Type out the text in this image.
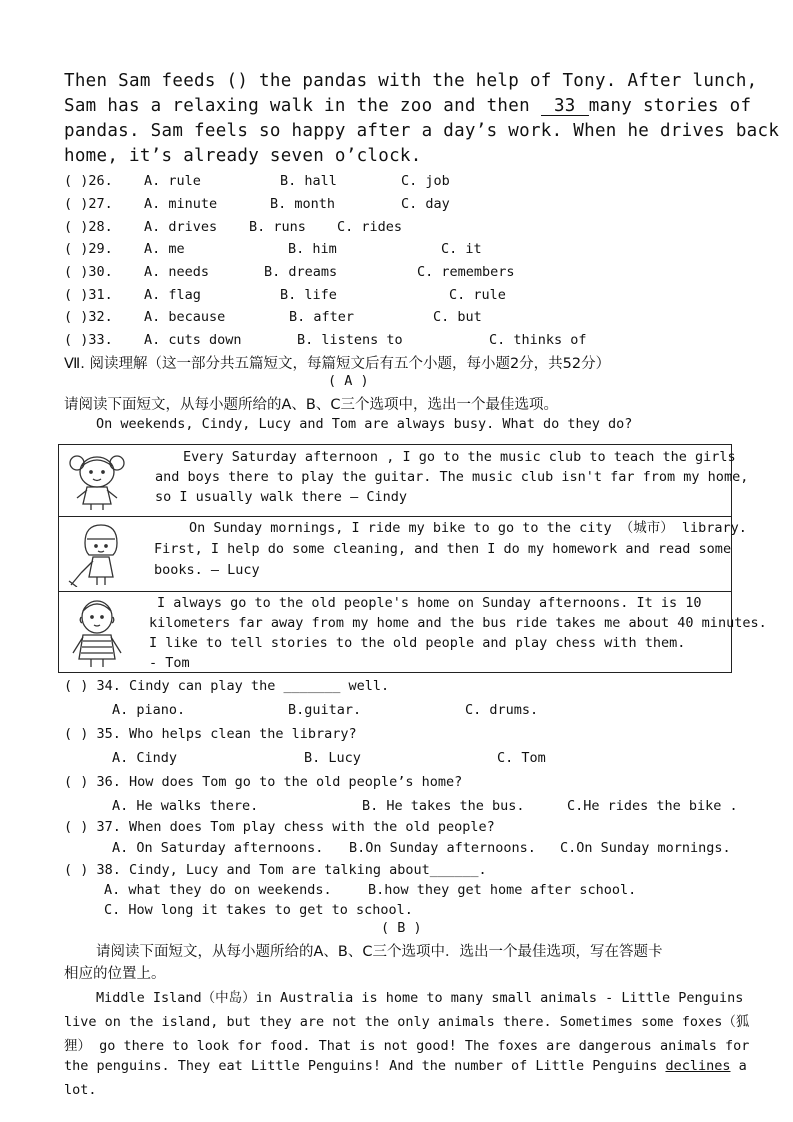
Then Sam feeds () the pandas with the help of Tony. After lunch,
Sam has a relaxing walk in the zoo and then 33 many stories of
pandas. Sam feels so happy after a day’s work. When he drives back
home, it’s already seven o’clock.
( )26. A. rule	B. hall	C. job
( )27. A. minute	B. month	C. day
( )28. A. drives B. runs C. rides
( )29. A. me	B. him	C. it
( )30. A. needs	B. dreams	C. remembers
( )31. A. flag	B. life	C. rule
( )32. A. because	B. after	C. but
( )33. A. cuts down	B. listens to	C. thinks of
Ⅶ. 阅读理解（这一部分共五篇短文，每篇短文后有五个小题，每小题2分，共52分）
( A )
请阅读下面短文，从每小题所给的A、B、C三个选项中，选出一个最佳选项。
On weekends, Cindy, Lucy and Tom are always busy. What do they do?
Every Saturday afternoon , I go to the music club to teach the girls
and boys there to play the guitar. The music club isn't far from my home,
so I usually walk there — Cindy
On Sunday mornings, I ride my bike to go to the city （城市） library.
First, I help do some cleaning, and then I do my homework and read some
books. — Lucy
I always go to the old people's home on Sunday afternoons. It is 10
kilometers far away from my home and the bus ride takes me about 40 minutes.
I like to tell stories to the old people and play chess with them.
- Tom
( ) 34. Cindy can play the _______ well.
A. piano.	B.guitar.	C. drums.
( ) 35. Who helps clean the library?
A. Cindy	B. Lucy	C. Tom
( ) 36. How does Tom go to the old people’s home?
A. He walks there.	B. He takes the bus.	C.He rides the bike .
( ) 37. When does Tom play chess with the old people?
A. On Saturday afternoons. B.On Sunday afternoons. C.On Sunday mornings.
( ) 38. Cindy, Lucy and Tom are talking about______.
A. what they do on weekends.	B.how they get home after school.
C. How long it takes to get to school.
( B )
请阅读下面短文，从每小题所给的A、B、C三个选项中．选出一个最佳选项，写在答题卡
相应的位置上。
Middle Island（中岛）in Australia is home to many small animals - Little Penguins
live on the island, but they are not the only animals there. Sometimes some foxes（狐
狸） go there to look for food. That is not good! The foxes are dangerous animals for
the penguins. They eat Little Penguins! And the number of Little Penguins declines a
lot.
